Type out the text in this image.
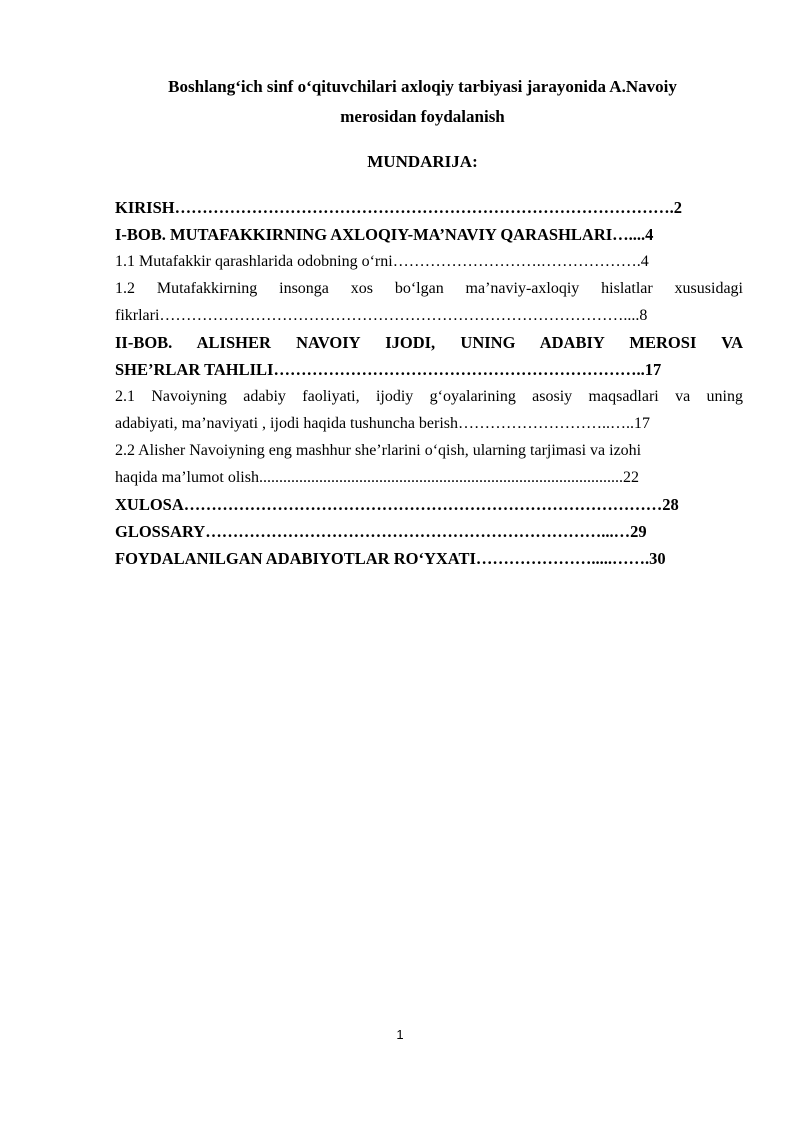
Boshlang‘ich sinf o‘qituvchilari axloqiy tarbiyasi jarayonida A.Navoiy
merosidan foydalanish
MUNDARIJA:
KIRISH……………………………………………………………………………….2
I-BOB. MUTAFAKKIRNING AXLOQIY-MA’NAVIY QARASHLARI…....4
1.1 Mutafakkir qarashlarida odobning o‘rni……………………….……………….4
1.2 Mutafakkirning insonga xos bo‘lgan ma’naviy-axloqiy hislatlar xususidagi
fikrlari……………………………………………………………………………....8
II-BOB. ALISHER NAVOIY IJODI, UNING ADABIY MEROSI VA
SHE’RLAR TAHLILI…………………………………………………………..17
2.1 Navoiyning adabiy faoliyati, ijodiy g‘oyalarining asosiy maqsadlari va uning
adabiyati, ma’naviyati , ijodi haqida tushuncha berish………………………..…..17
2.2 Alisher Navoiyning eng mashhur she’rlarini o‘qish, ularning tarjimasi va izohi
haqida ma’lumot olish...........................................................................................22
XULOSA……………………………………………………………………………28
GLOSSARY………………………………………………………………...…29
FOYDALANILGAN ADABIYOTLAR RO‘YXATI………………….....…….30
1
